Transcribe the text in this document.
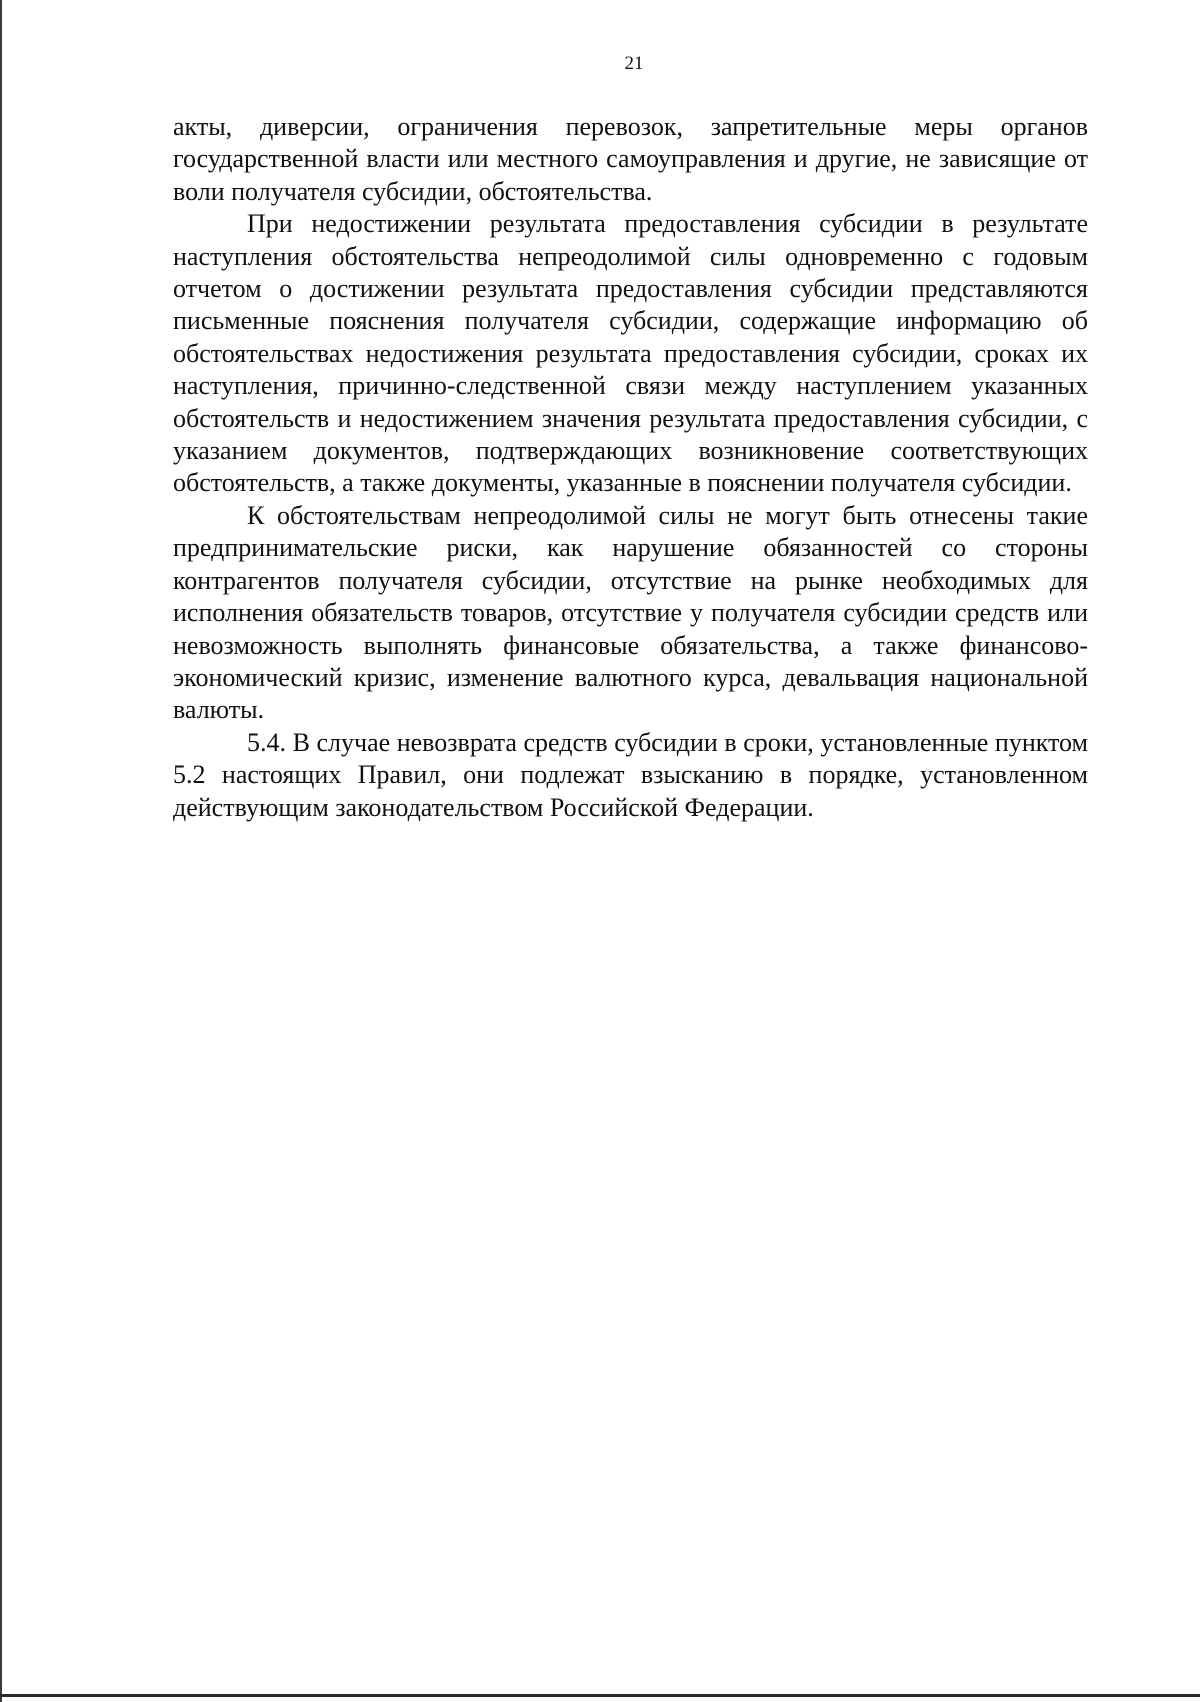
21

акты, диверсии, ограничения перевозок, запретительные меры органов государственной власти или местного самоуправления и другие, не зависящие от воли получателя субсидии, обстоятельства.

При недостижении результата предоставления субсидии в результате наступления обстоятельства непреодолимой силы одновременно с годовым отчетом о достижении результата предоставления субсидии представляются письменные пояснения получателя субсидии, содержащие информацию об обстоятельствах недостижения результата предоставления субсидии, сроках их наступления, причинно-следственной связи между наступлением указанных обстоятельств и недостижением значения результата предоставления субсидии, с указанием документов, подтверждающих возникновение соответствующих обстоятельств, а также документы, указанные в пояснении получателя субсидии.

К обстоятельствам непреодолимой силы не могут быть отнесены такие предпринимательские риски, как нарушение обязанностей со стороны контрагентов получателя субсидии, отсутствие на рынке необходимых для исполнения обязательств товаров, отсутствие у получателя субсидии средств или невозможность выполнять финансовые обязательства, а также финансово-экономический кризис, изменение валютного курса, девальвация национальной валюты.

5.4. В случае невозврата средств субсидии в сроки, установленные пунктом 5.2 настоящих Правил, они подлежат взысканию в порядке, установленном действующим законодательством Российской Федерации.
